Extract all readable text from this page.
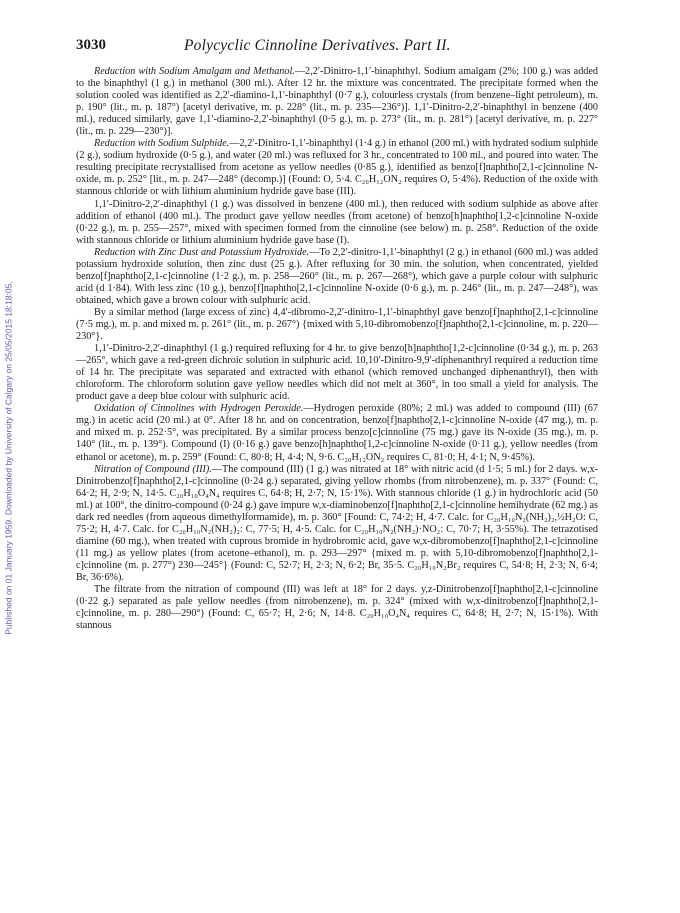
Published on 01 January 1959. Downloaded by University of Calgary on 25/05/2015 18:18:05.
3030	Polycyclic Cinnoline Derivatives. Part II.

Reduction with Sodium Amalgam and Methanol.—2,2′-Dinitro-1,1′-binaphthyl. Sodium amalgam (2%; 100 g.) was added to the binaphthyl (1 g.) in methanol (300 ml.). After 12 hr. the mixture was concentrated. The precipitate formed when the solution cooled was identified as 2,2′-diamino-1,1′-binaphthyl (0·7 g.), colourless crystals (from benzene–light petroleum), m. p. 190° (lit., m. p. 187°) [acetyl derivative, m. p. 228° (lit., m. p. 235—236°)]. 1,1′-Dinitro-2,2′-binaphthyl in benzene (400 ml.), reduced similarly, gave 1,1′-diamino-2,2′-binaphthyl (0·5 g.), m. p. 273° (lit., m. p. 281°) [acetyl derivative, m. p. 227° (lit., m. p. 229—230°)].

Reduction with Sodium Sulphide.—2,2′-Dinitro-1,1′-binaphthyl (1·4 g.) in ethanol (200 ml.) with hydrated sodium sulphide (2 g.), sodium hydroxide (0·5 g.), and water (20 ml.) was refluxed for 3 hr., concentrated to 100 ml., and poured into water. The resulting precipitate recrystallised from acetone as yellow needles (0·85 g.), identified as benzo[f]naphtho[2,1-c]cinnoline N-oxide, m. p. 252° [lit., m. p. 247—248° (decomp.)] (Found: O, 5·4. C₂₀H₁₂ON₂ requires O, 5·4%). Reduction of the oxide with stannous chloride or with lithium aluminium hydride gave base (III).

1,1′-Dinitro-2,2′-dinaphthyl (1 g.) was dissolved in benzene (400 ml.), then reduced with sodium sulphide as above after addition of ethanol (400 ml.). The product gave yellow needles (from acetone) of benzo[h]naphtho[1,2-c]cinnoline N-oxide (0·22 g.), m. p. 255—257°, mixed with specimen formed from the cinnoline (see below) m. p. 258°. Reduction of the oxide with stannous chloride or lithium aluminium hydride gave base (I).

Reduction with Zinc Dust and Potassium Hydroxide.—To 2,2′-dinitro-1,1′-binaphthyl (2 g.) in ethanol (600 ml.) was added potassium hydroxide solution, then zinc dust (25 g.). After refluxing for 30 min. the solution, when concentrated, yielded benzo[f]naphtho[2,1-c]cinnoline (1·2 g.), m. p. 258—260° (lit., m. p. 267—268°), which gave a purple colour with sulphuric acid (d 1·84). With less zinc (10 g.), benzo[f]naphtho[2,1-c]cinnoline N-oxide (0·6 g.), m. p. 246° (lit., m. p. 247—248°), was obtained, which gave a brown colour with sulphuric acid.

By a similar method (large excess of zinc) 4,4′-dibromo-2,2′-dinitro-1,1′-binaphthyl gave benzo[f]naphtho[2,1-c]cinnoline (7·5 mg.), m. p. and mixed m. p. 261° (lit., m. p. 267°) {mixed with 5,10-dibromobenzo[f]naphtho[2,1-c]cinnoline, m. p. 220—230°}.

1,1′-Dinitro-2,2′-dinaphthyl (1 g.) required refluxing for 4 hr. to give benzo[h]naphtho[1,2-c]cinnoline (0·34 g.), m. p. 263—265°, which gave a red-green dichroic solution in sulphuric acid. 10,10′-Dinitro-9,9′-diphenanthryl required a reduction time of 14 hr. The precipitate was separated and extracted with ethanol (which removed unchanged diphenanthryl), then with chloroform. The chloroform solution gave yellow needles which did not melt at 360°, in too small a yield for analysis. The product gave a deep blue colour with sulphuric acid.

Oxidation of Cinnolines with Hydrogen Peroxide.—Hydrogen peroxide (80%; 2 ml.) was added to compound (III) (67 mg.) in acetic acid (20 ml.) at 0°. After 18 hr. and on concentration, benzo[f]naphtho[2,1-c]cinnoline N-oxide (47 mg.), m. p. and mixed m. p. 252·5°, was precipitated. By a similar process benzo[c]cinnoline (75 mg.) gave its N-oxide (35 mg.), m. p. 140° (lit., m. p. 139°). Compound (I) (0·16 g.) gave benzo[h]naphtho[1,2-c]cinnoline N-oxide (0·11 g.), yellow needles (from ethanol or acetone), m. p. 259° (Found: C, 80·8; H, 4·4; N, 9·6. C₂₀H₁₂ON₂ requires C, 81·0; H, 4·1; N, 9·45%).

Nitration of Compound (III).—The compound (III) (1 g.) was nitrated at 18° with nitric acid (d 1·5; 5 ml.) for 2 days. w,x-Dinitrobenzo[f]naphtho[2,1-c]cinnoline (0·24 g.) separated, giving yellow rhombs (from nitrobenzene), m. p. 337° (Found: C, 64·2; H, 2·9; N, 14·5. C₂₀H₁₀O₄N₄ requires C, 64·8; H, 2·7; N, 15·1%). With stannous chloride (1 g.) in hydrochloric acid (50 ml.) at 100°, the dinitro-compound (0·24 g.) gave impure w,x-diaminobenzo[f]naphtho[2,1-c]cinnoline hemihydrate (62 mg.) as dark red needles (from aqueous dimethylformamide), m. p. 360° [Found: C, 74·2; H, 4·7. Calc. for C₂₀H₁₀N₂(NH₂)₂,½H₂O: C, 75·2; H, 4·7. Calc. for C₂₀H₁₀N₂(NH₂)₂: C, 77·5; H, 4·5. Calc. for C₂₀H₁₀N₂(NH₂)·NO₂: C, 70·7; H, 3·55%). The tetrazotised diamine (60 mg.), when treated with cuprous bromide in hydrobromic acid, gave w,x-dibromobenzo[f]naphtho[2,1-c]cinnoline (11 mg.) as yellow plates (from acetone–ethanol), m. p. 293—297° {mixed m. p. with 5,10-dibromobenzo[f]naphtho[2,1-c]cinnoline (m. p. 277°) 230—245°} (Found: C, 52·7; H, 2·3; N, 6·2; Br, 35·5. C₂₀H₁₀N₂Br₂ requires C, 54·8; H, 2·3; N, 6·4; Br, 36·6%).

The filtrate from the nitration of compound (III) was left at 18° for 2 days. y,z-Dinitrobenzo[f]naphtho[2,1-c]cinnoline (0·22 g.) separated as pale yellow needles (from nitrobenzene), m. p. 324° (mixed with w,x-dinitrobenzo[f]naphtho[2,1-c]cinnoline, m. p. 280—290°) (Found: C, 65·7; H, 2·6; N, 14·8. C₂₀H₁₀O₄N₄ requires C, 64·8; H, 2·7; N, 15·1%). With stannous
